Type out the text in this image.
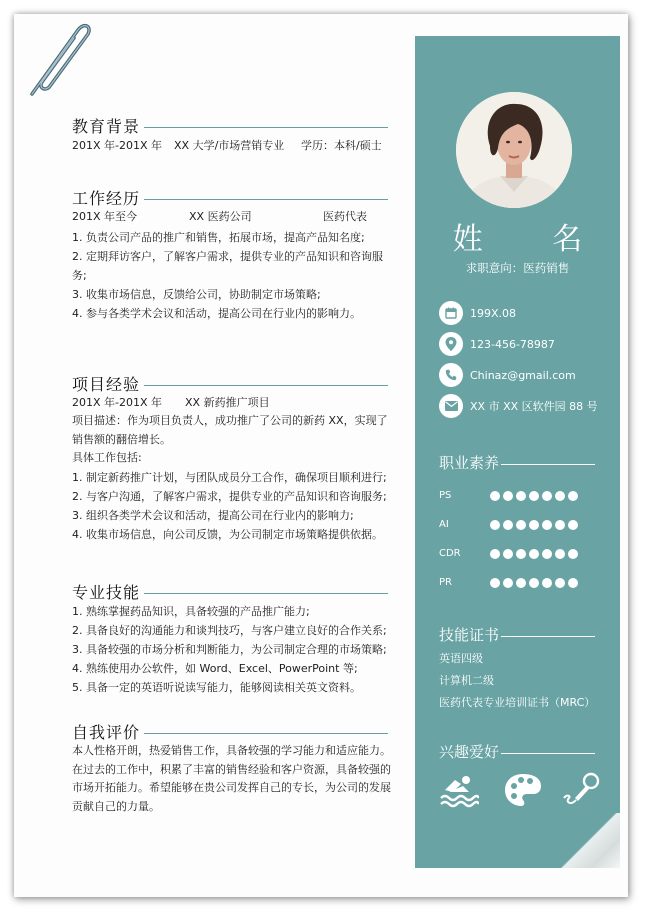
教育背景
201X 年-201X 年	XX 大学/市场营销专业	学历：本科/硕士
工作经历
201X 年至今	XX 医药公司	医药代表
1. 负责公司产品的推广和销售，拓展市场，提高产品知名度;
2. 定期拜访客户，了解客户需求，提供专业的产品知识和咨询服
务;
3. 收集市场信息，反馈给公司，协助制定市场策略;
4. 参与各类学术会议和活动，提高公司在行业内的影响力。
项目经验
201X 年-201X 年	XX 新药推广项目
项目描述：作为项目负责人，成功推广了公司的新药 XX，实现了
销售额的翻倍增长。
具体工作包括:
1. 制定新药推广计划，与团队成员分工合作，确保项目顺利进行;
2. 与客户沟通，了解客户需求，提供专业的产品知识和咨询服务;
3. 组织各类学术会议和活动，提高公司在行业内的影响力;
4. 收集市场信息，向公司反馈，为公司制定市场策略提供依据。
专业技能
1. 熟练掌握药品知识，具备较强的产品推广能力;
2. 具备良好的沟通能力和谈判技巧，与客户建立良好的合作关系;
3. 具备较强的市场分析和判断能力，为公司制定合理的市场策略;
4. 熟练使用办公软件，如 Word、Excel、PowerPoint 等;
5. 具备一定的英语听说读写能力，能够阅读相关英文资料。
自我评价
本人性格开朗，热爱销售工作，具备较强的学习能力和适应能力。
在过去的工作中，积累了丰富的销售经验和客户资源，具备较强的
市场开拓能力。希望能够在贵公司发挥自己的专长，为公司的发展
贡献自己的力量。
姓 名
求职意向：医药销售
199X.08
123-456-78987
Chinaz@gmail.com
XX 市 XX 区软件园 88 号
职业素养
PS
AI
CDR
PR
技能证书
英语四级
计算机二级
医药代表专业培训证书（MRC）
兴趣爱好
